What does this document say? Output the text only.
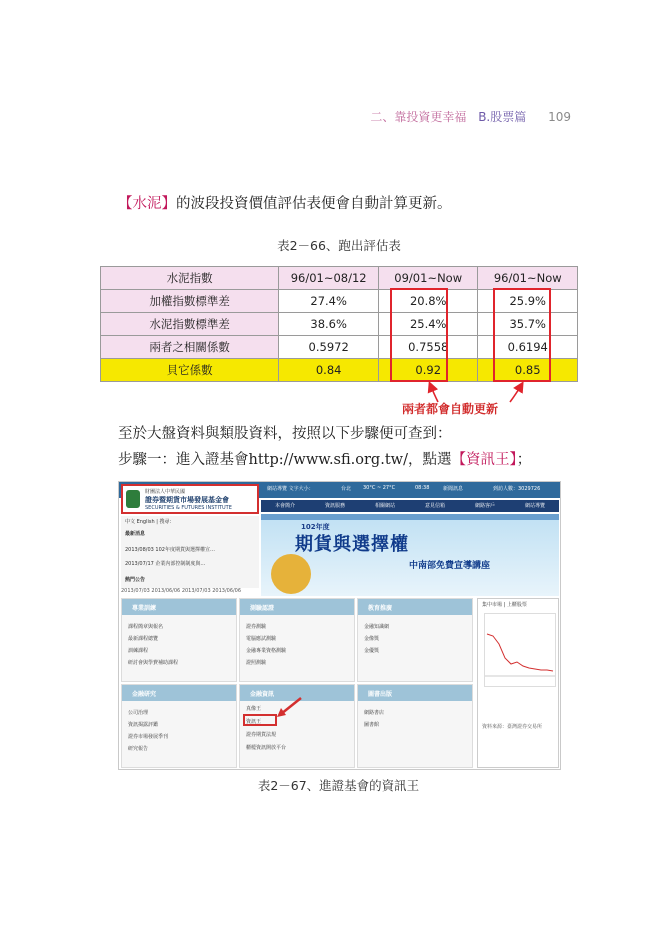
二、靠投資更幸福 B.股票篇 109
【水泥】的波段投資價值評估表便會自動計算更新。
表2－66、跑出評估表
水泥指數	96/01~08/12	09/01~Now	96/01~Now
加權指數標準差	27.4%	20.8%	25.9%
水泥指數標準差	38.6%	25.4%	35.7%
兩者之相關係數	0.5972	0.7558	0.6194
貝它係數	0.84	0.92	0.85
兩者都會自動更新
至於大盤資料與類股資料，按照以下步驟便可查到：
步驟一：進入證基會http://www.sfi.org.tw/，點選【資訊王】；
網站導覽 文字大小：	台北 30°C ~ 27°C	08:38	新聞訊息	到訪人數：3029726
財團法人中華民國
證券暨期貨市場發展基金會
SECURITIES & FUTURES INSTITUTE	本會簡介	資訊服務	相關網站	意見信箱	網路客戶	網站導覽
中文 English | 搜尋：
最新消息
2013/08/03 102年度期貨與選擇權宣…
2013/07/17 企業內部控制制度與…
熱門公告
102年度
期貨與選擇權
中南部免費宣導講座
2013/07/03 2013/06/06 2013/07/03 2013/06/06
專業訓練
課程簡章與報名
最新課程總覽
訓練課程
研討會與學費補助課程
測驗認證
證券測驗
電腦應試測驗
金融專業資格測驗
證照測驗
教育推廣
金融知識網
金像獎
金優獎
金融研究
公司治理
資訊揭露評鑑
證券市場發展季刊
研究報告
金融資訊
真像王
資訊王
證券期貨法規
櫃檯資訊開放平台
圖書出版
網路書店
圖書館
集中市場 | 上櫃股票
資料來源：臺灣證券交易所
表2－67、進證基會的資訊王
